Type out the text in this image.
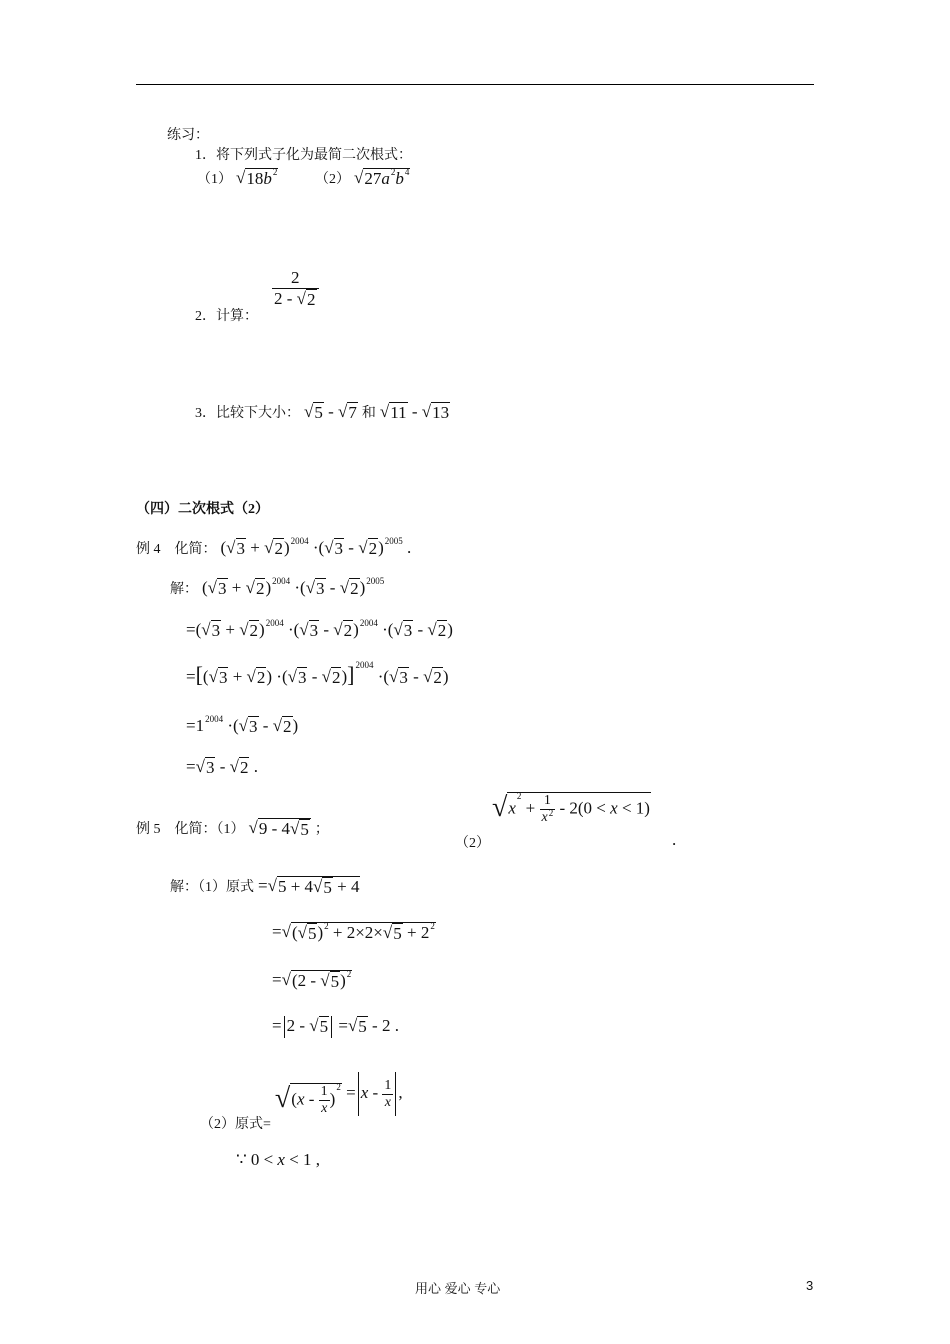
练习：
1．将下列式子化为最简二次根式：
（1） $√18b^2$	（2） $√27a^2b^4$
2．计算：
$\frac{2}{2 - √2}$
3．比较下大小： √5 - √7 和 √11 - √13
（四）二次根式（2）
例 4　化简： $(√3 + √2)^{2004} \cdot(√3 - √2)^{2005}$ .
解： $(√3 + √2)^{2004} \cdot(√3 - √2)^{2005}$
$=(√3 + √2)^{2004} \cdot(√3 - √2)^{2004} \cdot(√3 - √2)$
$=[(√3 + √2) \cdot(√3 - √2)]^{2004} \cdot(√3 - √2)$
$=1^{2004} \cdot(√3 - √2)$
=√3 - √2 .
例 5　化简：（1） √9 - 4√5 ；
（2）
$√x^2 + \frac{1}{x^2} - 2(0 < x < 1)$
.
解：（1）原式 =√5 + 4√5 + 4
$=√(√5)^2 + 2\times 2\times√5 + 2^2$
=√(2 - √5)$^2$
= 2 - √5 =√5 - 2 .
（2）原式= $√(x - \frac{1}{x} )^2 = x - \frac{1}{x}$ ,
∵ 0 < x < 1 ,
用心 爱心 专心	3
